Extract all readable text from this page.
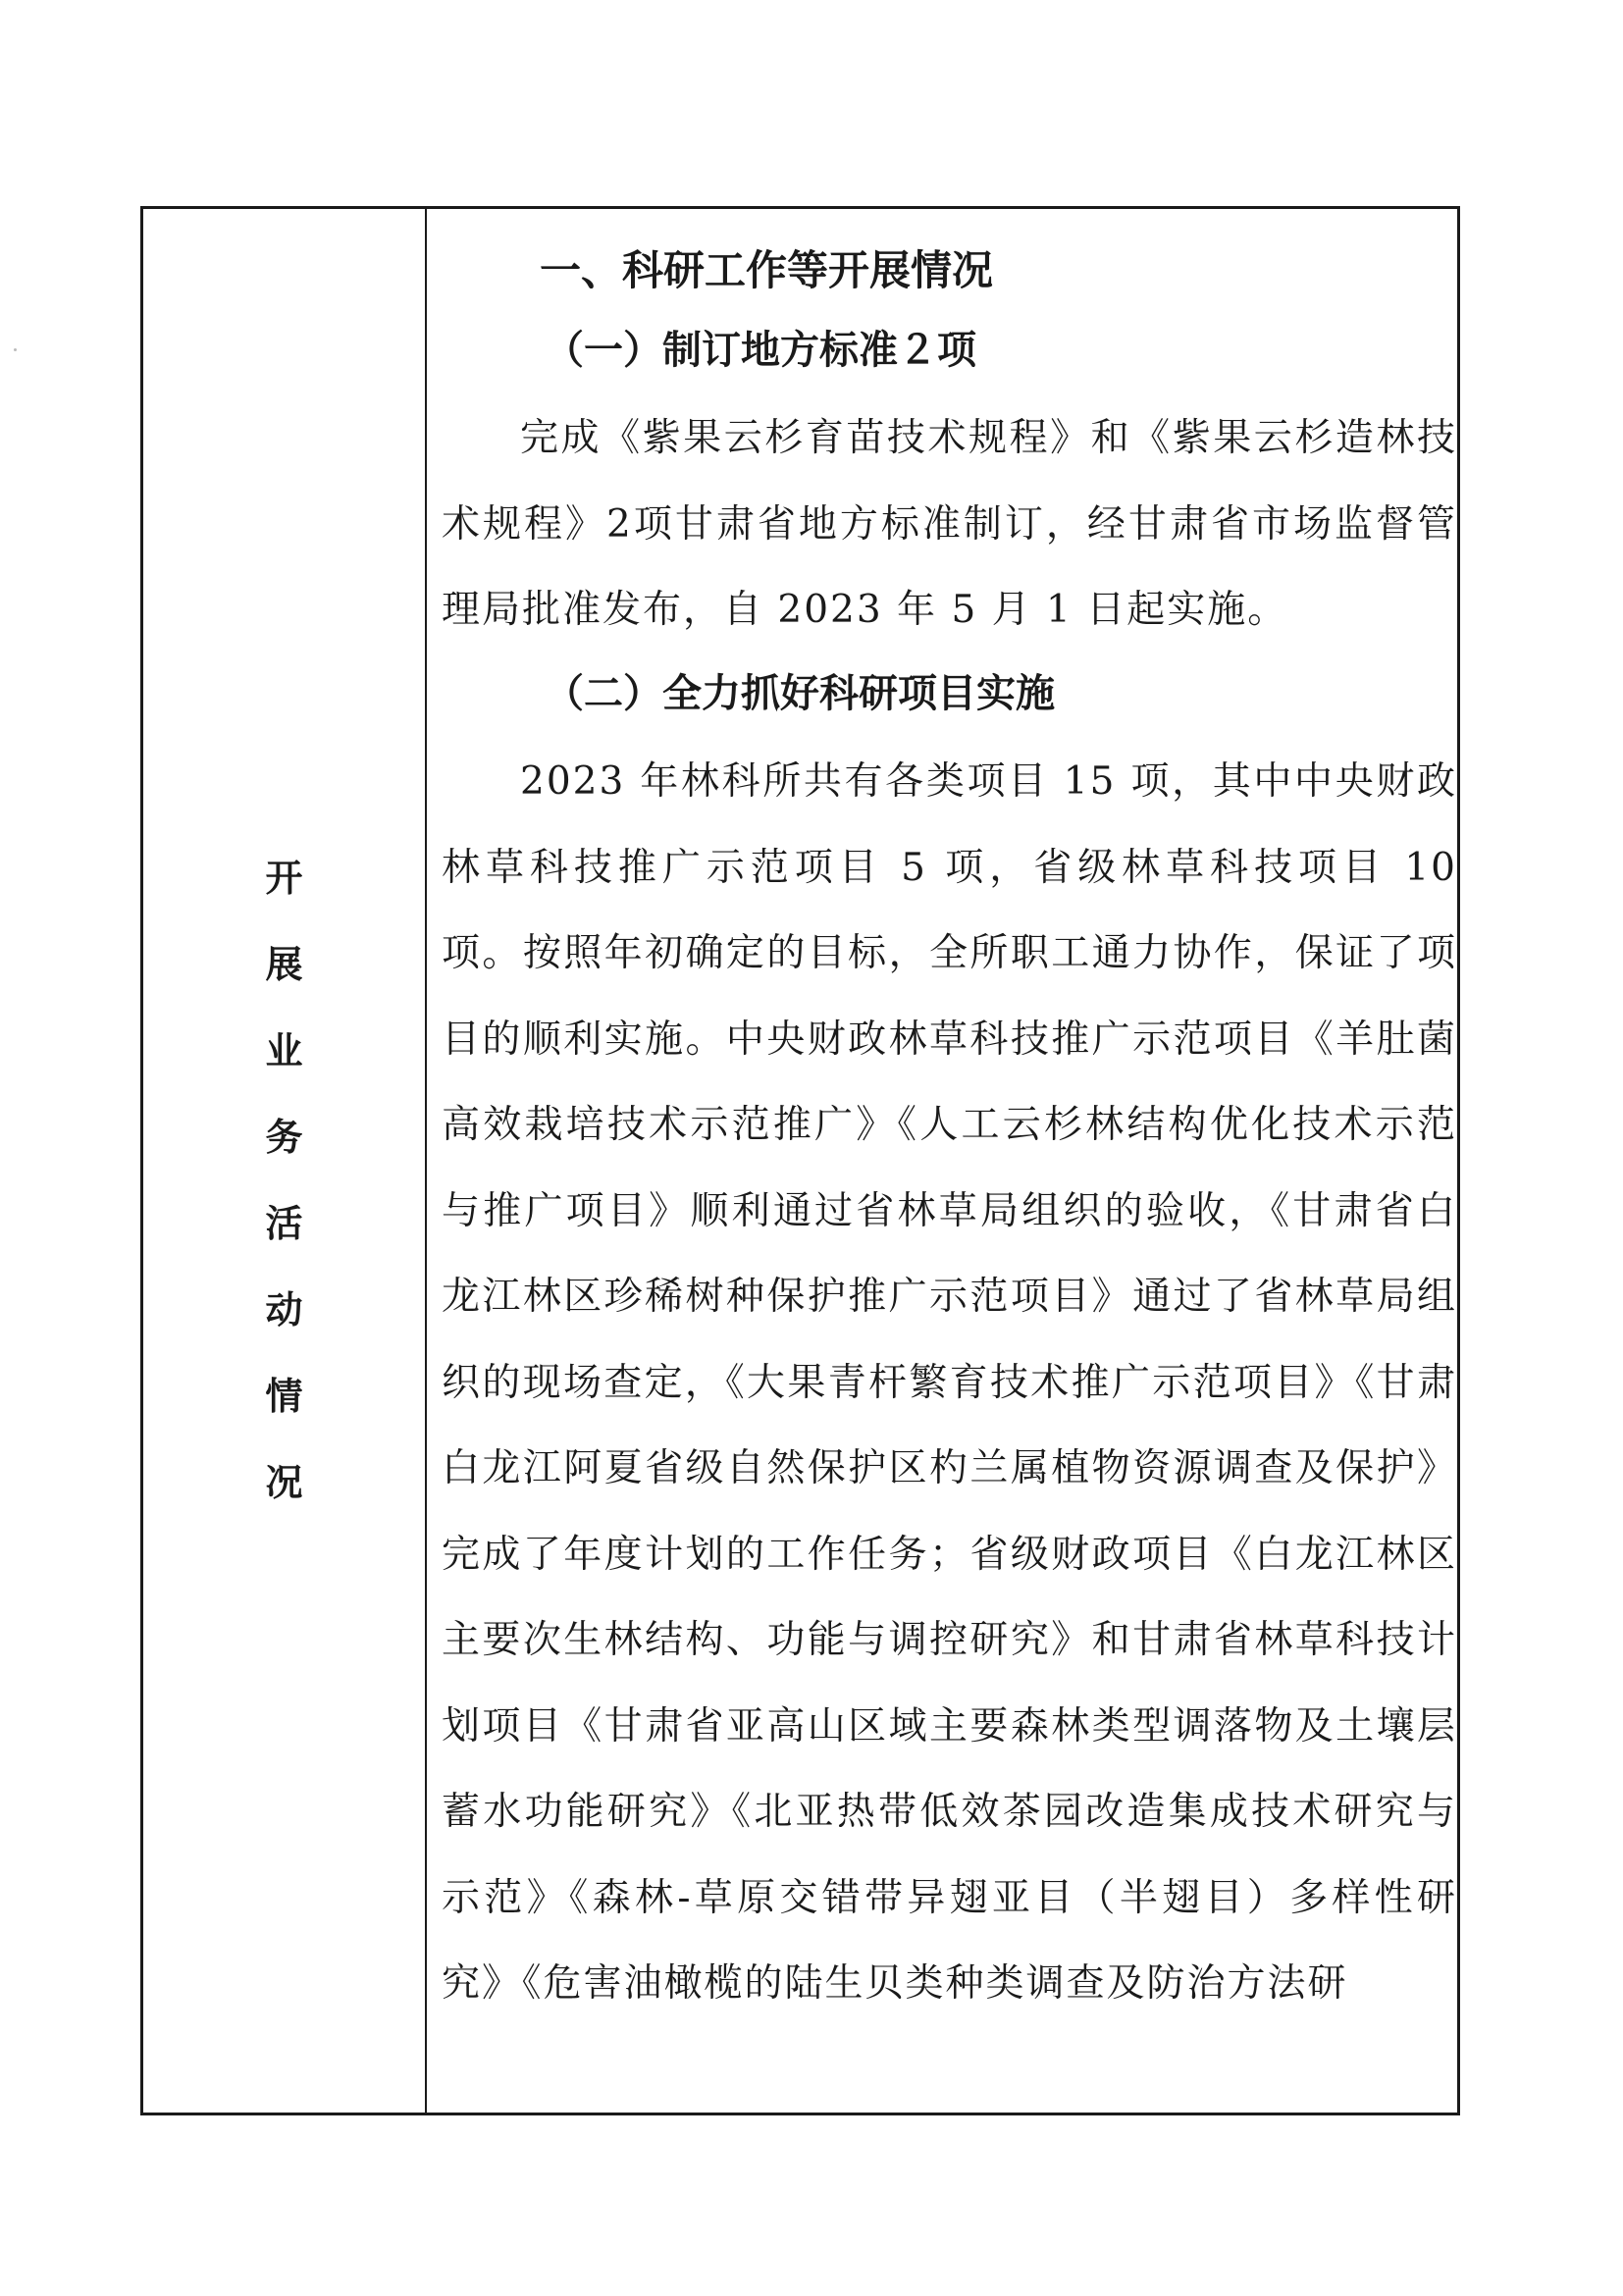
开
展
业
务
活
动
情
况
一、科研工作等开展情况
（一）制订地方标准２项
完成《紫果云杉育苗技术规程》和《紫果云杉造林技术规程》2项甘肃省地方标准制订，经甘肃省市场监督管理局批准发布，自 2023 年 5 月 1 日起实施。
（二）全力抓好科研项目实施
2023 年林科所共有各类项目 15 项，其中中央财政林草科技推广示范项目 5 项，省级林草科技项目 10 项。按照年初确定的目标，全所职工通力协作，保证了项目的顺利实施。中央财政林草科技推广示范项目《羊肚菌高效栽培技术示范推广》《人工云杉林结构优化技术示范与推广项目》顺利通过省林草局组织的验收，《甘肃省白龙江林区珍稀树种保护推广示范项目》通过了省林草局组织的现场查定，《大果青杆繁育技术推广示范项目》《甘肃白龙江阿夏省级自然保护区杓兰属植物资源调查及保护》完成了年度计划的工作任务；省级财政项目《白龙江林区主要次生林结构、功能与调控研究》和甘肃省林草科技计划项目《甘肃省亚高山区域主要森林类型调落物及土壤层蓄水功能研究》《北亚热带低效茶园改造集成技术研究与示范》《森林-草原交错带异翅亚目（半翅目）多样性研究》《危害油橄榄的陆生贝类种类调查及防治方法研
